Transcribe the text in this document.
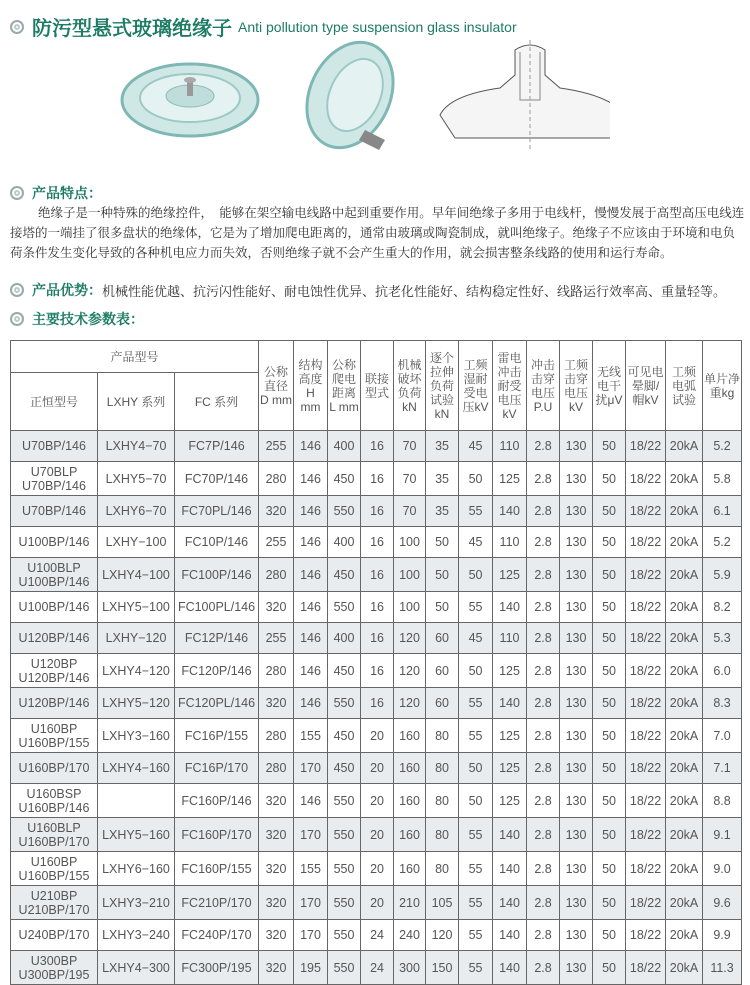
防污型悬式玻璃绝缘子 Anti pollution type suspension glass insulator
产品特点：
绝缘子是一种特殊的绝缘控件，　能够在架空输电线路中起到重要作用。早年间绝缘子多用于电线杆，慢慢发展于高型高压电线连接塔的一端挂了很多盘状的绝缘体，它是为了增加爬电距离的，通常由玻璃或陶瓷制成，就叫绝缘子。绝缘子不应该由于环境和电负荷条件发生变化导致的各种机电应力而失效，否则绝缘子就不会产生重大的作用，就会损害整条线路的使用和运行寿命。
产品优势： 机械性能优越、抗污闪性能好、耐电蚀性优异、抗老化性能好、结构稳定性好、线路运行效率高、重量轻等。
主要技术参数表：
产品型号			公称直径D mm	结构高度H mm	公称爬电距离L mm	联接型式	机械破坏负荷kN	逐个拉伸负荷试验kN	工频湿耐受电压kV	雷电冲击耐受电压kV	冲击击穿电压P.U	工频击穿电压kV	无线电干扰μV	可见电晕脚/帽kV	工频电弧试验	单片净重kg
正恒型号	LXHY 系列	FC 系列														
U70BP/146	LXHY4−70	FC7P/146	255	146	400	16	70	35	45	110	2.8	130	50	18/22	20kA	5.2
U70BLP
U70BP/146	LXHY5−70	FC70P/146	280	146	450	16	70	35	50	125	2.8	130	50	18/22	20kA	5.8
U70BP/146	LXHY6−70	FC70PL/146	320	146	550	16	70	35	55	140	2.8	130	50	18/22	20kA	6.1
U100BP/146	LXHY−100	FC10P/146	255	146	400	16	100	50	45	110	2.8	130	50	18/22	20kA	5.2
U100BLP
U100BP/146	LXHY4−100	FC100P/146	280	146	450	16	100	50	50	125	2.8	130	50	18/22	20kA	5.9
U100BP/146	LXHY5−100	FC100PL/146	320	146	550	16	100	50	55	140	2.8	130	50	18/22	20kA	8.2
U120BP/146	LXHY−120	FC12P/146	255	146	400	16	120	60	45	110	2.8	130	50	18/22	20kA	5.3
U120BP
U120BP/146	LXHY4−120	FC120P/146	280	146	450	16	120	60	50	125	2.8	130	50	18/22	20kA	6.0
U120BP/146	LXHY5−120	FC120PL/146	320	146	550	16	120	60	55	140	2.8	130	50	18/22	20kA	8.3
U160BP
U160BP/155	LXHY3−160	FC16P/155	280	155	450	20	160	80	55	125	2.8	130	50	18/22	20kA	7.0
U160BP/170	LXHY4−160	FC16P/170	280	170	450	20	160	80	50	125	2.8	130	50	18/22	20kA	7.1
U160BSP
U160BP/146		FC160P/146	320	146	550	20	160	80	50	125	2.8	130	50	18/22	20kA	8.8
U160BLP
U160BP/170	LXHY5−160	FC160P/170	320	170	550	20	160	80	55	140	2.8	130	50	18/22	20kA	9.1
U160BP
U160BP/155	LXHY6−160	FC160P/155	320	155	550	20	160	80	55	140	2.8	130	50	18/22	20kA	9.0
U210BP
U210BP/170	LXHY3−210	FC210P/170	320	170	550	20	210	105	55	140	2.8	130	50	18/22	20kA	9.6
U240BP/170	LXHY3−240	FC240P/170	320	170	550	24	240	120	55	140	2.8	130	50	18/22	20kA	9.9
U300BP
U300BP/195	LXHY4−300	FC300P/195	320	195	550	24	300	150	55	140	2.8	130	50	18/22	20kA	11.3
